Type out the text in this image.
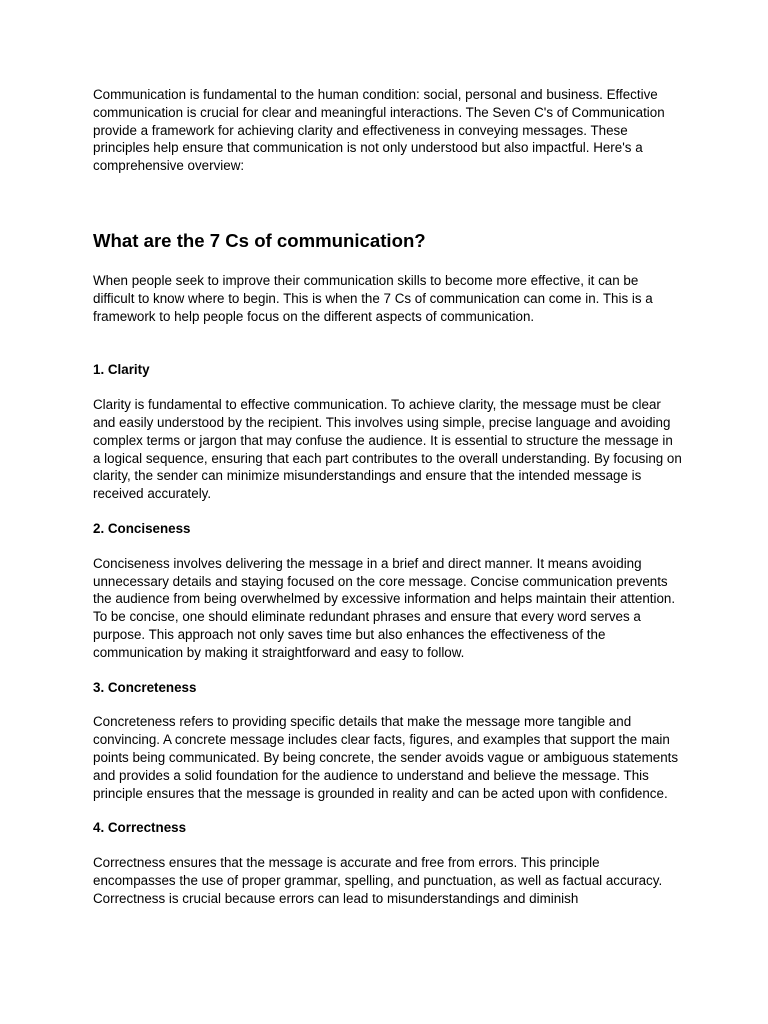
Communication is fundamental to the human condition: social, personal and business. Effective communication is crucial for clear and meaningful interactions. The Seven C's of Communication provide a framework for achieving clarity and effectiveness in conveying messages. These principles help ensure that communication is not only understood but also impactful. Here's a comprehensive overview:

What are the 7 Cs of communication?

When people seek to improve their communication skills to become more effective, it can be difficult to know where to begin. This is when the 7 Cs of communication can come in. This is a framework to help people focus on the different aspects of communication.

1. Clarity

Clarity is fundamental to effective communication. To achieve clarity, the message must be clear and easily understood by the recipient. This involves using simple, precise language and avoiding complex terms or jargon that may confuse the audience. It is essential to structure the message in a logical sequence, ensuring that each part contributes to the overall understanding. By focusing on clarity, the sender can minimize misunderstandings and ensure that the intended message is received accurately.

2. Conciseness

Conciseness involves delivering the message in a brief and direct manner. It means avoiding unnecessary details and staying focused on the core message. Concise communication prevents the audience from being overwhelmed by excessive information and helps maintain their attention. To be concise, one should eliminate redundant phrases and ensure that every word serves a purpose. This approach not only saves time but also enhances the effectiveness of the communication by making it straightforward and easy to follow.

3. Concreteness

Concreteness refers to providing specific details that make the message more tangible and convincing. A concrete message includes clear facts, figures, and examples that support the main points being communicated. By being concrete, the sender avoids vague or ambiguous statements and provides a solid foundation for the audience to understand and believe the message. This principle ensures that the message is grounded in reality and can be acted upon with confidence.

4. Correctness

Correctness ensures that the message is accurate and free from errors. This principle encompasses the use of proper grammar, spelling, and punctuation, as well as factual accuracy. Correctness is crucial because errors can lead to misunderstandings and diminish
